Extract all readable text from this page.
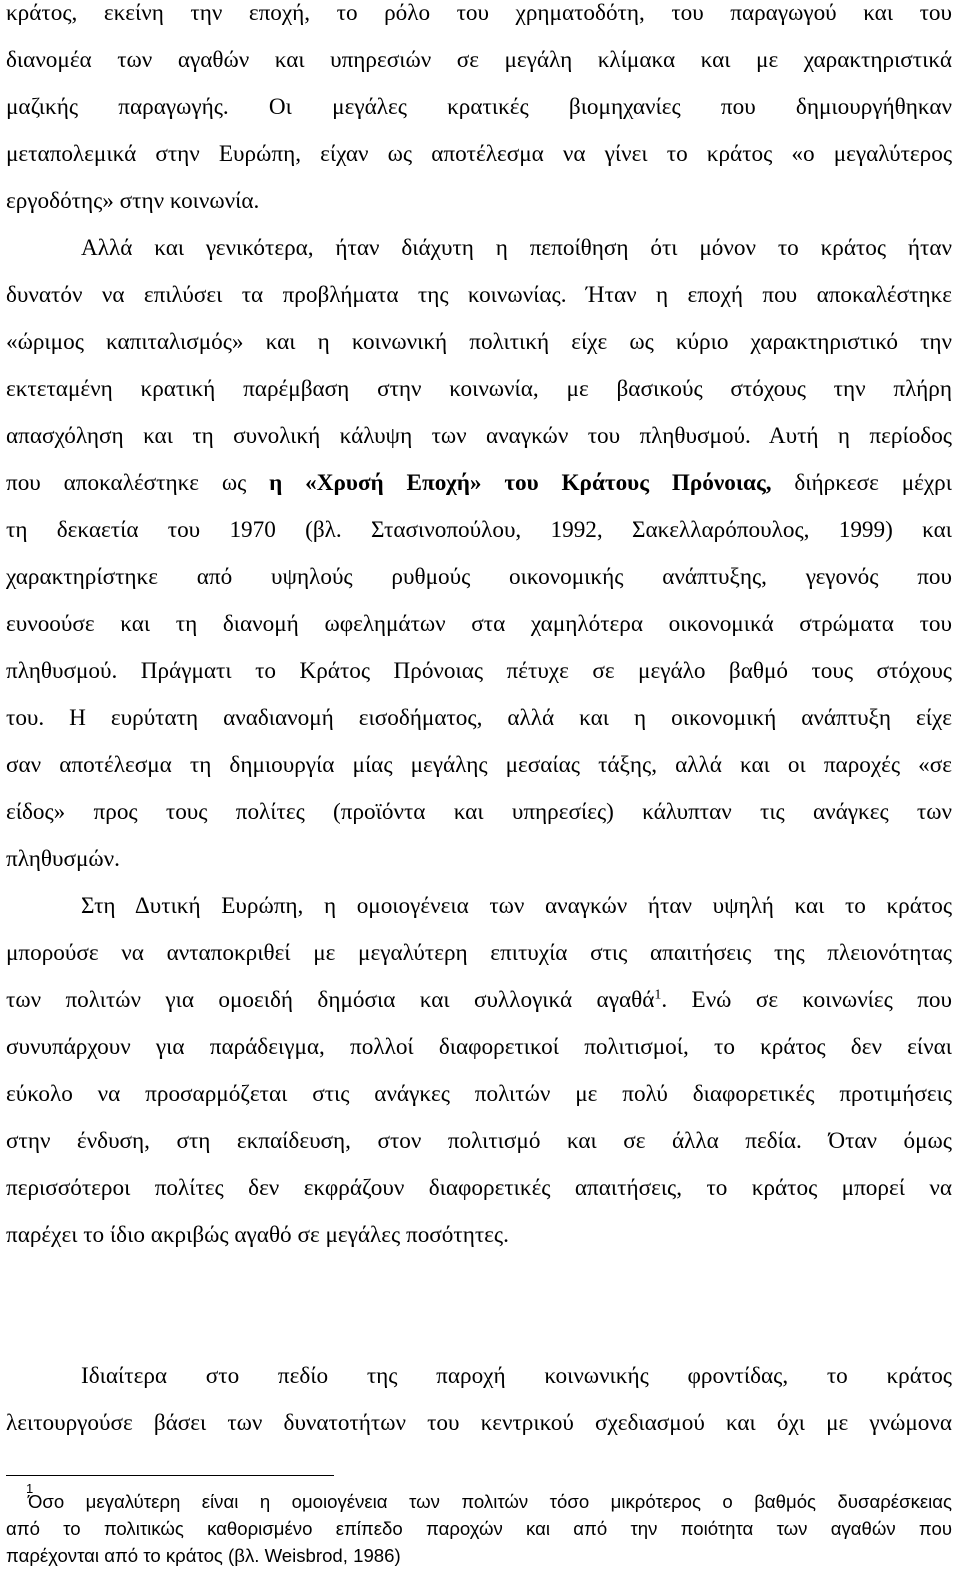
κράτος, εκείνη την εποχή, το ρόλο του χρηματοδότη, του παραγωγού και του
διανομέα των αγαθών και υπηρεσιών σε μεγάλη κλίμακα και με χαρακτηριστικά
μαζικής παραγωγής. Οι μεγάλες κρατικές βιομηχανίες που δημιουργήθηκαν
μεταπολεμικά στην Ευρώπη, είχαν ως αποτέλεσμα να γίνει το κράτος «ο μεγαλύτερος
εργοδότης» στην κοινωνία.
Αλλά και γενικότερα, ήταν διάχυτη η πεποίθηση ότι μόνον το κράτος ήταν
δυνατόν να επιλύσει τα προβλήματα της κοινωνίας. Ήταν η εποχή που αποκαλέστηκε
«ώριμος καπιταλισμός» και η κοινωνική πολιτική είχε ως κύριο χαρακτηριστικό την
εκτεταμένη κρατική παρέμβαση στην κοινωνία, με βασικούς στόχους την πλήρη
απασχόληση και τη συνολική κάλυψη των αναγκών του πληθυσμού. Αυτή η περίοδος
που αποκαλέστηκε ως η «Χρυσή Εποχή» του Κράτους Πρόνοιας, διήρκεσε μέχρι
τη δεκαετία του 1970 (βλ. Στασινοπούλου, 1992, Σακελλαρόπουλος, 1999) και
χαρακτηρίστηκε από υψηλούς ρυθμούς οικονομικής ανάπτυξης, γεγονός που
ευνοούσε και τη διανομή ωφελημάτων στα χαμηλότερα οικονομικά στρώματα του
πληθυσμού. Πράγματι το Κράτος Πρόνοιας πέτυχε σε μεγάλο βαθμό τους στόχους
του. Η ευρύτατη αναδιανομή εισοδήματος, αλλά και η οικονομική ανάπτυξη είχε
σαν αποτέλεσμα τη δημιουργία μίας μεγάλης μεσαίας τάξης, αλλά και οι παροχές «σε
είδος» προς τους πολίτες (προϊόντα και υπηρεσίες) κάλυπταν τις ανάγκες των
πληθυσμών.
Στη Δυτική Ευρώπη, η ομοιογένεια των αναγκών ήταν υψηλή και το κράτος
μπορούσε να ανταποκριθεί με μεγαλύτερη επιτυχία στις απαιτήσεις της πλειονότητας
των πολιτών για ομοειδή δημόσια και συλλογικά αγαθά$^1$. Ενώ σε κοινωνίες που
συνυπάρχουν για παράδειγμα, πολλοί διαφορετικοί πολιτισμοί, το κράτος δεν είναι
εύκολο να προσαρμόζεται στις ανάγκες πολιτών με πολύ διαφορετικές προτιμήσεις
στην ένδυση, στη εκπαίδευση, στον πολιτισμό και σε άλλα πεδία. Όταν όμως
περισσότεροι πολίτες δεν εκφράζουν διαφορετικές απαιτήσεις, το κράτος μπορεί να
παρέχει το ίδιο ακριβώς αγαθό σε μεγάλες ποσότητες.
Ιδιαίτερα στο πεδίο της παροχή κοινωνικής φροντίδας, το κράτος
λειτουργούσε βάσει των δυνατοτήτων του κεντρικού σχεδιασμού και όχι με γνώμονα
1
Όσο μεγαλύτερη είναι η ομοιογένεια των πολιτών τόσο μικρότερος ο βαθμός δυσαρέσκειας
από το πολιτικώς καθορισμένο επίπεδο παροχών και από την ποιότητα των αγαθών που
παρέχονται από το κράτος (βλ. Weisbrod, 1986)
